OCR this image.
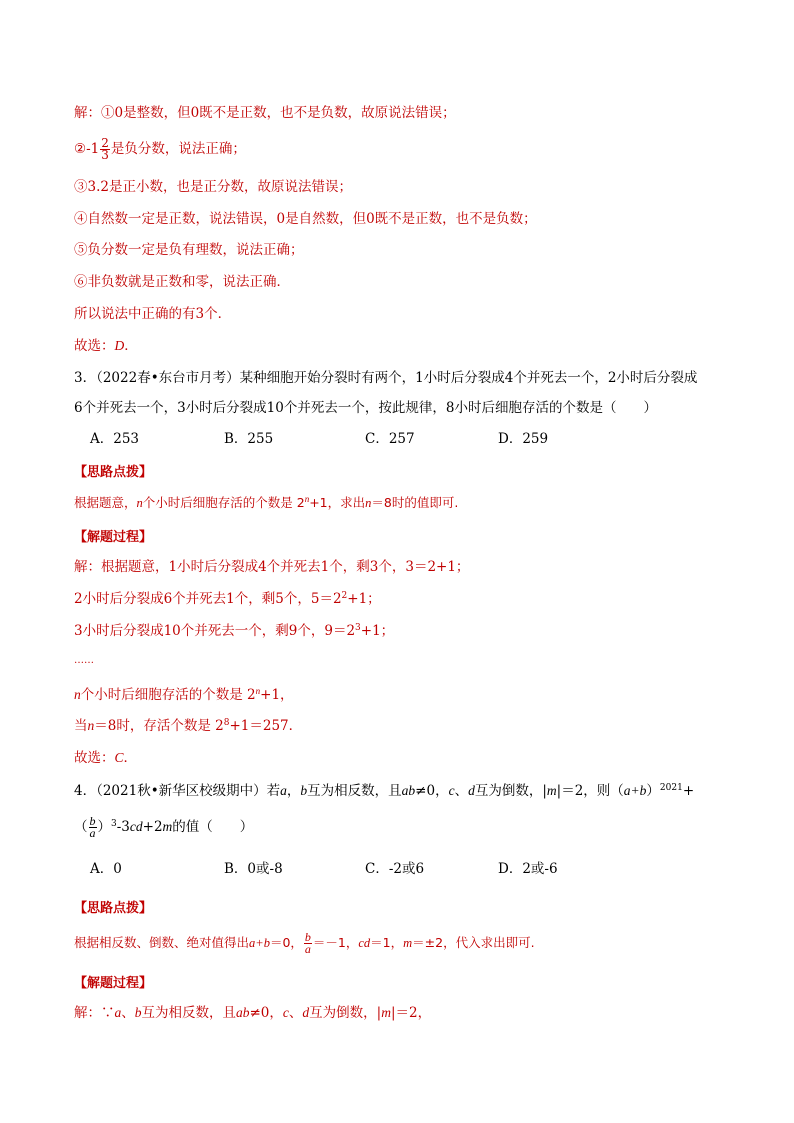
解：①0是整数，但0既不是正数，也不是负数，故原说法错误；
②-1 $\frac{2}{3}$ 是负分数，说法正确；
③3.2是正小数，也是正分数，故原说法错误；
④自然数一定是正数，说法错误，0是自然数，但0既不是正数，也不是负数；
⑤负分数一定是负有理数，说法正确；
⑥非负数就是正数和零，说法正确．
所以说法中正确的有3个．
故选：D．
3．（2022春•东台市月考）某种细胞开始分裂时有两个，1小时后分裂成4个并死去一个，2小时后分裂成
6个并死去一个，3小时后分裂成10个并死去一个，按此规律，8小时后细胞存活的个数是（　　）
A．253	B．255	C．257	D．259
【思路点拨】
根据题意，n个小时后细胞存活的个数是 $2^n+1$，求出n＝8时的值即可.
【解题过程】
解：根据题意，1小时后分裂成4个并死去1个，剩3个，3＝2+1；
2小时后分裂成6个并死去1个，剩5个，$5=2^2+1$；
3小时后分裂成10个并死去一个，剩9个，$9=2^3+1$；
……
n个小时后细胞存活的个数是 $2^n+1$，
当n＝8时，存活个数是 $2^8+1=257$．
故选：C．
4．（2021秋•新华区校级期中）若a，b互为相反数，且ab≠0，c、d互为倒数，|m|＝2，则$(a+b)^{2021}+$
（ $\frac{b}{a} )^3-3cd+2m$的值（　　）
A．0	B．0或-8	C．-2或6	D．2或-6
【思路点拨】
根据相反数、倒数、绝对值得出a+b＝0， $\frac{b}{a} =-1$，cd＝1，m＝±2，代入求出即可.
【解题过程】
解：∵a、b互为相反数，且ab≠0，c、d互为倒数，|m|＝2，
